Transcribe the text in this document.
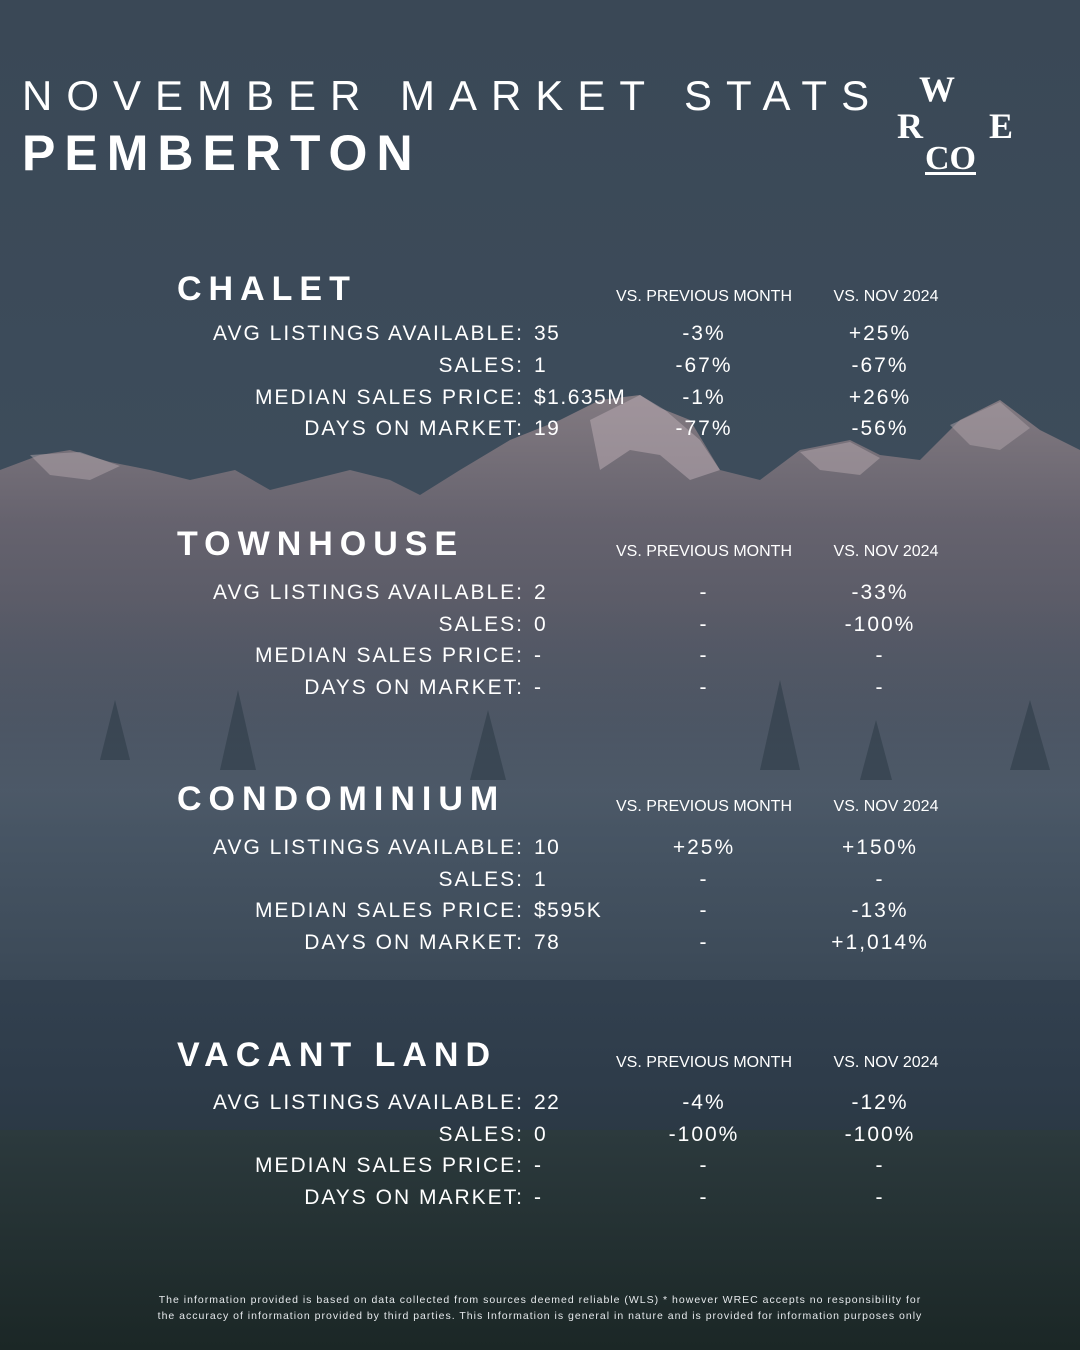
NOVEMBER MARKET STATS
PEMBERTON
W
R E
CO
CHALET	VS. PREVIOUS MONTH	VS. NOV 2024
AVG LISTINGS AVAILABLE: 35	-3%	+25%
SALES: 1	-67%	-67%
MEDIAN SALES PRICE: $1.635M	-1%	+26%
DAYS ON MARKET: 19	-77%	-56%
TOWNHOUSE	VS. PREVIOUS MONTH	VS. NOV 2024
AVG LISTINGS AVAILABLE: 2	-	-33%
SALES: 0	-	-100%
MEDIAN SALES PRICE: -	-	-
DAYS ON MARKET: -	-	-
CONDOMINIUM	VS. PREVIOUS MONTH	VS. NOV 2024
AVG LISTINGS AVAILABLE: 10	+25%	+150%
SALES: 1	-	-
MEDIAN SALES PRICE: $595K	-	-13%
DAYS ON MARKET: 78	-	+1,014%
VACANT LAND	VS. PREVIOUS MONTH	VS. NOV 2024
AVG LISTINGS AVAILABLE: 22	-4%	-12%
SALES: 0	-100%	-100%
MEDIAN SALES PRICE: -	-	-
DAYS ON MARKET: -	-	-
The information provided is based on data collected from sources deemed reliable (WLS) * however WREC accepts no responsibility for
the accuracy of information provided by third parties. This Information is general in nature and is provided for information purposes only
